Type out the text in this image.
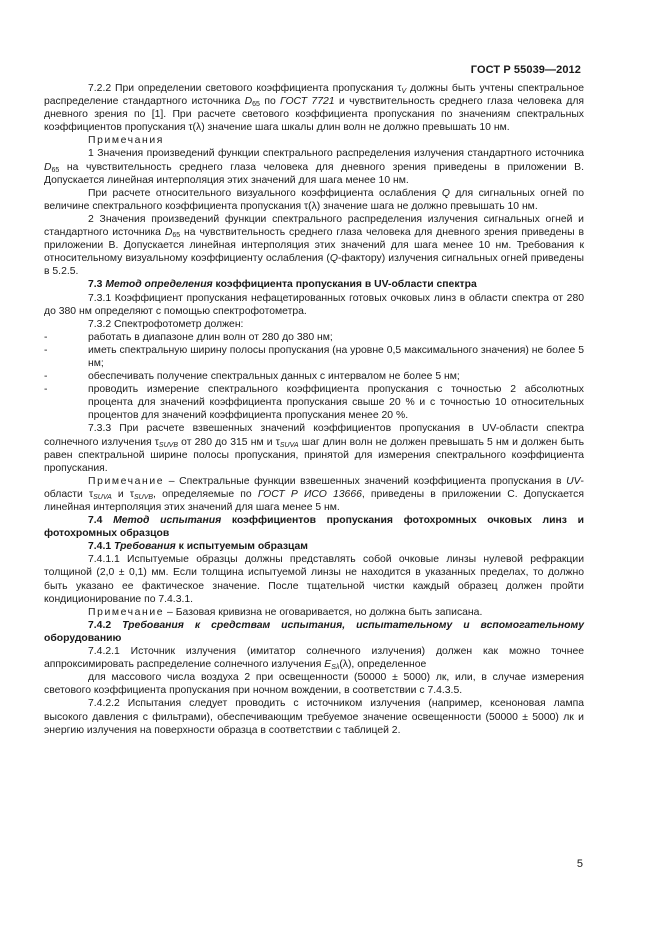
ГОСТ Р 55039—2012

7.2.2 При определении светового коэффициента пропускания $\tau_V$ должны быть учтены спектральное распределение стандартного источника $D_{65}$ по ГОСТ 7721 и чувствительность среднего глаза человека для дневного зрения по [1]. При расчете светового коэффициента пропускания по значениям спектральных коэффициентов пропускания τ(λ) значение шага шкалы длин волн не должно превышать 10 нм.

Примечания

1 Значения произведений функции спектрального распределения излучения стандартного источника $D_{65}$ на чувствительность среднего глаза человека для дневного зрения приведены в приложении В. Допускается линейная интерполяция этих значений для шага менее 10 нм.

При расчете относительного визуального коэффициента ослабления Q для сигнальных огней по величине спектрального коэффициента пропускания τ(λ) значение шага не должно превышать 10 нм.

2 Значения произведений функции спектрального распределения излучения сигнальных огней и стандартного источника $D_{65}$ на чувствительность среднего глаза человека для дневного зрения приведены в приложении В. Допускается линейная интерполяция этих значений для шага менее 10 нм. Требования к относительному визуальному коэффициенту ослабления (Q-фактору) излучения сигнальных огней приведены в 5.2.5.

7.3 Метод определения коэффициента пропускания в UV-области спектра

7.3.1 Коэффициент пропускания нефацетированных готовых очковых линз в области спектра от 280 до 380 нм определяют с помощью спектрофотометра.

7.3.2 Спектрофотометр должен:

-	работать в диапазоне длин волн от 280 до 380 нм;

-	иметь спектральную ширину полосы пропускания (на уровне 0,5 максимального значения) не более 5 нм;

-	обеспечивать получение спектральных данных с интервалом не более 5 нм;

-	проводить измерение спектрального коэффициента пропускания с точностью 2 абсолютных процента для значений коэффициента пропускания свыше 20 % и с точностью 10 относительных процентов для значений коэффициента пропускания менее 20 %.

7.3.3 При расчете взвешенных значений коэффициентов пропускания в UV-области спектра солнечного излучения $\tau_{SUVB}$ от 280 до 315 нм и $\tau_{SUVA}$ шаг длин волн не должен превышать 5 нм и должен быть равен спектральной ширине полосы пропускания, принятой для измерения спектрального коэффициента пропускания.

Примечание – Спектральные функции взвешенных значений коэффициента пропускания в UV-области $\tau_{SUVA}$ и $\tau_{SUVB}$, определяемые по ГОСТ Р ИСО 13666, приведены в приложении С. Допускается линейная интерполяция этих значений для шага менее 5 нм.

7.4 Метод испытания коэффициентов пропускания фотохромных очковых линз и фотохромных образцов

7.4.1 Требования к испытуемым образцам

7.4.1.1 Испытуемые образцы должны представлять собой очковые линзы нулевой рефракции толщиной (2,0 ± 0,1) мм. Если толщина испытуемой линзы не находится в указанных пределах, то должно быть указано ее фактическое значение. После тщательной чистки каждый образец должен пройти кондиционирование по 7.4.3.1.

Примечание – Базовая кривизна не оговаривается, но должна быть записана.

7.4.2 Требования к средствам испытания, испытательному и вспомогательному оборудованию

7.4.2.1 Источник излучения (имитатор солнечного излучения) должен как можно точнее аппроксимировать распределение солнечного излучения $E_{S\lambda}(\lambda)$, определенное

для массового числа воздуха 2 при освещенности (50000 ± 5000) лк, или, в случае измерения светового коэффициента пропускания при ночном вождении, в соответствии с 7.4.3.5.

7.4.2.2 Испытания следует проводить с источником излучения (например, ксеноновая лампа высокого давления с фильтрами), обеспечивающим требуемое значение освещенности (50000 ± 5000) лк и энергию излучения на поверхности образца в соответствии с таблицей 2.

5
